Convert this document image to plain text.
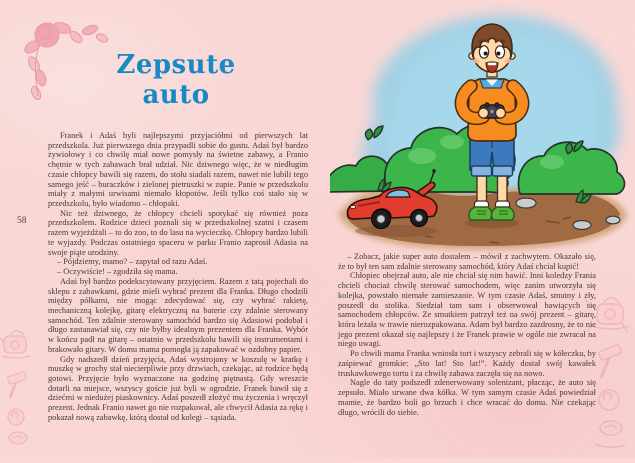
Zepsute
auto
58

Franek i Adaś byli najlepszymi przyjaciółmi od pierwszych lat przedszkola. Już pierwszego dnia przypadli sobie do gustu. Adaś był bardzo żywiołowy i co chwilę miał nowe pomysły na świetne zabawy, a Franio chętnie w tych zabawach brał udział. Nic dziwnego więc, że w niedługim czasie chłopcy bawili się razem, do stołu siadali razem, nawet nie lubili tego samego jeść – buraczków i zielonej pietruszki w zupie. Panie w przedszkolu miały z małymi urwisami niemało kłopotów. Jeśli tylko coś stało się w przedszkolu, było wiadomo – chłopaki.

Nic też dziwnego, że chłopcy chcieli spotykać się również poza przedszkolem. Rodzice dzieci poznali się w przedszkolnej szatni i czasem razem wyjeżdżali – to do zoo, to do lasu na wycieczkę. Chłopcy bardzo lubili te wyjazdy. Podczas ostatniego spaceru w parku Franio zaprosił Adasia na swoje piąte urodziny.

– Pójdziemy, mamo? – zapytał od razu Adaś.

– Oczywiście! – zgodziła się mama.

Adaś był bardzo podekscytowany przyjęciem. Razem z tatą pojechali do sklepu z zabawkami, gdzie mieli wybrać prezent dla Franka. Długo chodzili między półkami, nie mogąc zdecydować się, czy wybrać rakietę, mechaniczną kolejkę, gitarę elektryczną na baterie czy zdalnie sterowany samochód. Ten zdalnie sterowany samochód bardzo się Adasiowi podobał i długo zastanawiał się, czy nie byłby idealnym prezentem dla Franka. Wybór w końcu padł na gitarę – ostatnio w przedszkolu bawili się instrumentami i brakowało gitary. W domu mama pomogła ją zapakować w ozdobny papier.

Gdy nadszedł dzień przyjęcia, Adaś wystrojony w koszulę w kratkę i muszkę w grochy stał niecierpliwie przy drzwiach, czekając, aż rodzice będą gotowi. Przyjęcie było wyznaczone na godzinę piętnastą. Gdy wreszcie dotarli na miejsce, wszyscy goście już byli w ogrodzie. Franek bawił się z dziećmi w niedużej piaskownicy. Adaś poszedł złożyć mu życzenia i wręczył prezent. Jednak Franio nawet go nie rozpakował, ale chwycił Adasia za rękę i pokazał nową zabawkę, którą dostał od kolegi – sąsiada.

– Zobacz, jakie super auto dostałem – mówił z zachwytem. Okazało się, że to był ten sam zdalnie sterowany samochód, który Adaś chciał kupić!

Chłopiec obejrzał auto, ale nie chciał się nim bawić. Inni koledzy Frania chcieli chociaż chwilę sterować samochodem, więc zanim utworzyła się kolejka, powstało niemałe zamieszanie. W tym czasie Adaś, smutny i zły, poszedł do stolika. Siedział tam sam i obserwował bawiących się samochodem chłopców. Ze smutkiem patrzył też na swój prezent – gitarę, która leżała w trawie nierozpakowana. Adam był bardzo zazdrosny, że to nie jego prezent okazał się najlepszy i że Franek prawie w ogóle nie zwracał na niego uwagi.

Po chwili mama Franka wniosła tort i wszyscy zebrali się w kółeczku, by zaśpiewać gromkie: „Sto lat! Sto lat!”. Każdy dostał swój kawałek truskawkowego tortu i za chwilę zabawa zaczęła się na nowo.

Nagle do taty podszedł zdenerwowany solenizant, płacząc, że auto się zepsuło. Miało urwane dwa kółka. W tym samym czasie Adaś powiedział mamie, że bardzo boli go brzuch i chce wracać do domu. Nie czekając długo, wrócili do siebie.
